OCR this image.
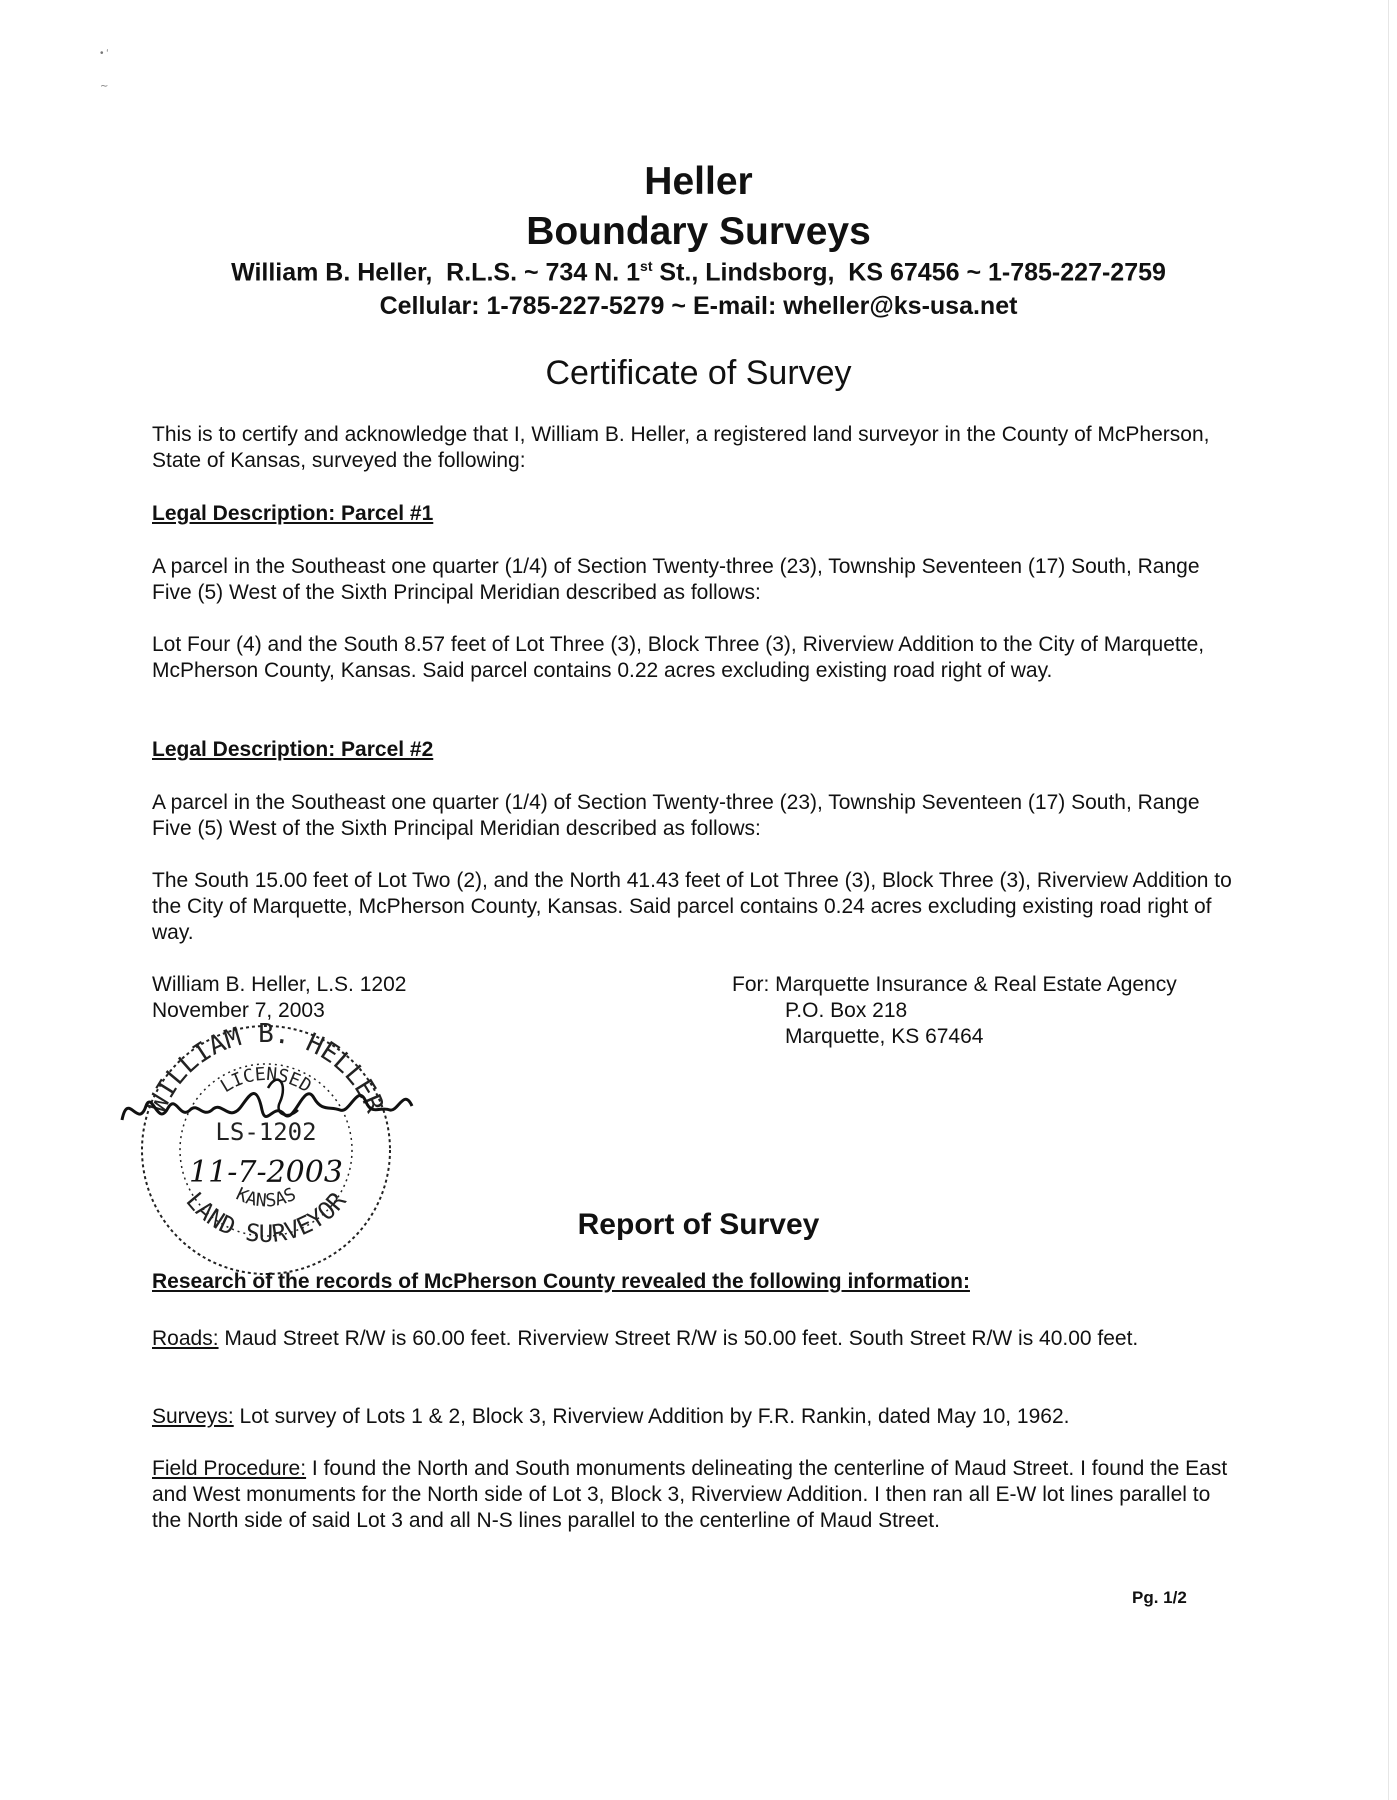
• ‘

∼
Heller
Boundary Surveys
William B. Heller,  R.L.S. ~ 734 N. 1st St., Lindsborg,  KS 67456 ~ 1-785-227-2759
Cellular: 1-785-227-5279 ~ E-mail: wheller@ks-usa.net
Certificate of Survey
This is to certify and acknowledge that I, William B. Heller, a registered land surveyor in the County of McPherson, State of Kansas, surveyed the following:
Legal Description: Parcel #1
A parcel in the Southeast one quarter (1/4) of Section Twenty-three (23), Township Seventeen (17) South, Range Five (5) West of the Sixth Principal Meridian described as follows:
Lot Four (4) and the South 8.57 feet of Lot Three (3), Block Three (3), Riverview Addition to the City of Marquette, McPherson County, Kansas. Said parcel contains 0.22 acres excluding existing road right of way.
Legal Description: Parcel #2
A parcel in the Southeast one quarter (1/4) of Section Twenty-three (23), Township Seventeen (17) South, Range Five (5) West of the Sixth Principal Meridian described as follows:
The South 15.00 feet of Lot Two (2), and the North 41.43 feet of Lot Three (3), Block Three (3), Riverview Addition to the City of Marquette, McPherson County, Kansas. Said parcel contains 0.24 acres excluding existing road right of way.
William B. Heller, L.S. 1202
November 7, 2003
For: Marquette Insurance & Real Estate Agency
P.O. Box 218
Marquette, KS 67464
WILLIAM B. HELLER
LAND SURVEYOR
LICENSED
KANSAS
LS-1202
11-7-2003
Report of Survey
Research of the records of McPherson County revealed the following information:
Roads: Maud Street R/W is 60.00 feet. Riverview Street R/W is 50.00 feet. South Street R/W is 40.00 feet.
Surveys: Lot survey of Lots 1 & 2, Block 3, Riverview Addition by F.R. Rankin, dated May 10, 1962.
Field Procedure: I found the North and South monuments delineating the centerline of Maud Street. I found the East and West monuments for the North side of Lot 3, Block 3, Riverview Addition. I then ran all E-W lot lines parallel to the North side of said Lot 3 and all N-S lines parallel to the centerline of Maud Street.
Pg. 1/2
